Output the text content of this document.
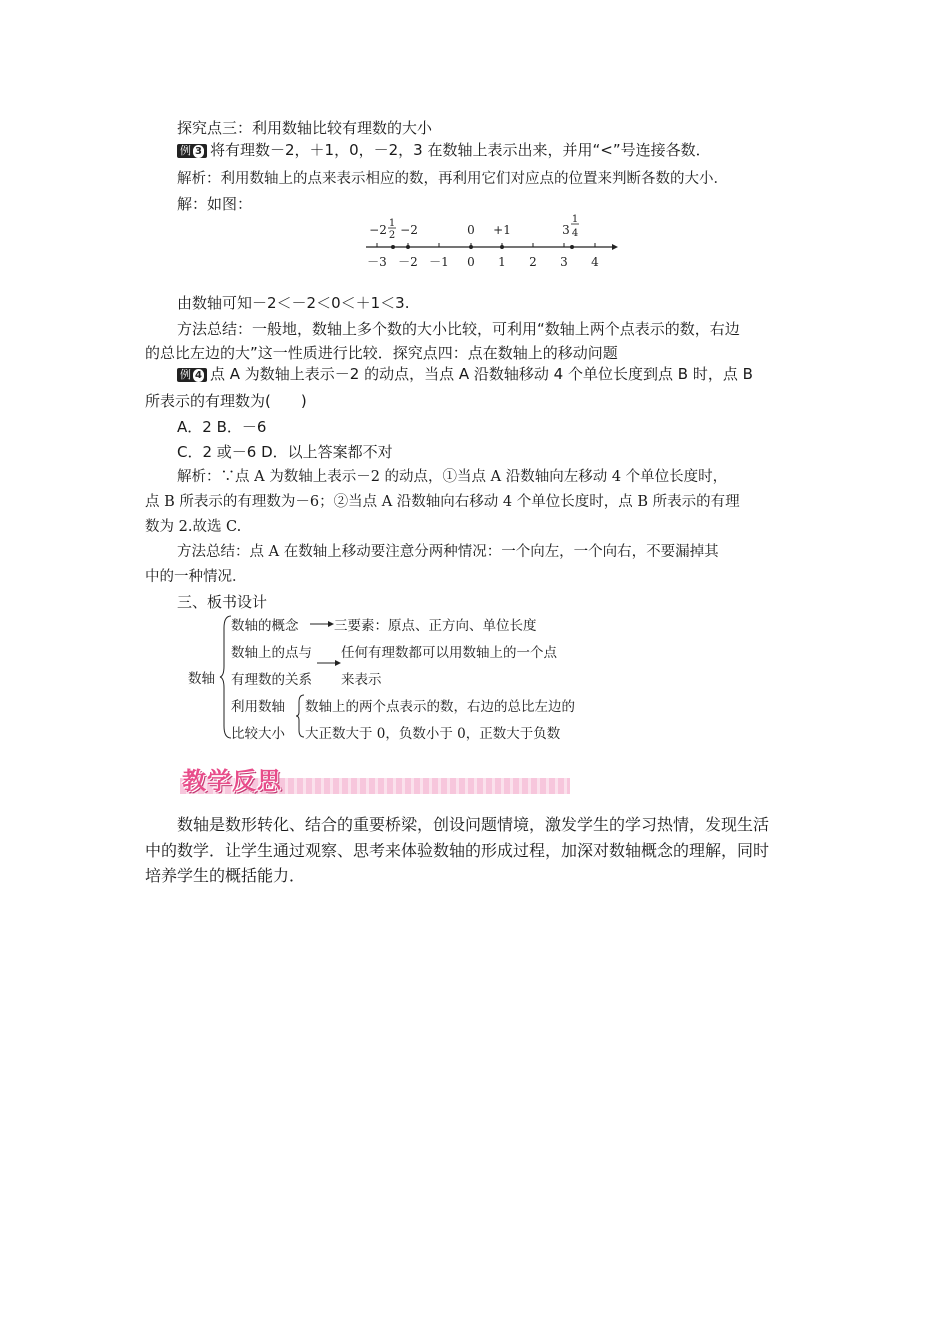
探究点三：利用数轴比较有理数的大小
例 3 将有理数－2，＋1，0，－2，3 在数轴上表示出来，并用“<”号连接各数．
解析：利用数轴上的点来表示相应的数，再利用它们对应点的位置来判断各数的大小．
解：如图：
－3 －2 －1 0 1 2 3 4
−2 1
2 −2	0 +1	3
1
4
由数轴可知－2＜－2＜0＜＋1＜3.
方法总结：一般地，数轴上多个数的大小比较，可利用“数轴上两个点表示的数，右边
的总比左边的大”这一性质进行比较．探究点四：点在数轴上的移动问题
例 4 点 A 为数轴上表示－2 的动点，当点 A 沿数轴移动 4 个单位长度到点 B 时，点 B
所表示的有理数为(　　)
A．2 B．－6
C．2 或－6 D．以上答案都不对
解析：∵点 A 为数轴上表示－2 的动点，①当点 A 沿数轴向左移动 4 个单位长度时，
点 B 所表示的有理数为－6；②当点 A 沿数轴向右移动 4 个单位长度时，点 B 所表示的有理
数为 2.故选 C.
方法总结：点 A 在数轴上移动要注意分两种情况：一个向左，一个向右，不要漏掉其
中的一种情况．
三、板书设计
数轴
数轴的概念	三要素：原点、正方向、单位长度
数轴上的点与 任何有理数都可以用数轴上的一个点
有理数的关系 来表示
利用数轴 数轴上的两个点表示的数，右边的总比左边的
比较大小 大正数大于 0，负数小于 0，正数大于负数
教学反思
数轴是数形转化、结合的重要桥梁，创设问题情境，激发学生的学习热情，发现生活
中的数学．让学生通过观察、思考来体验数轴的形成过程，加深对数轴概念的理解，同时
培养学生的概括能力．
